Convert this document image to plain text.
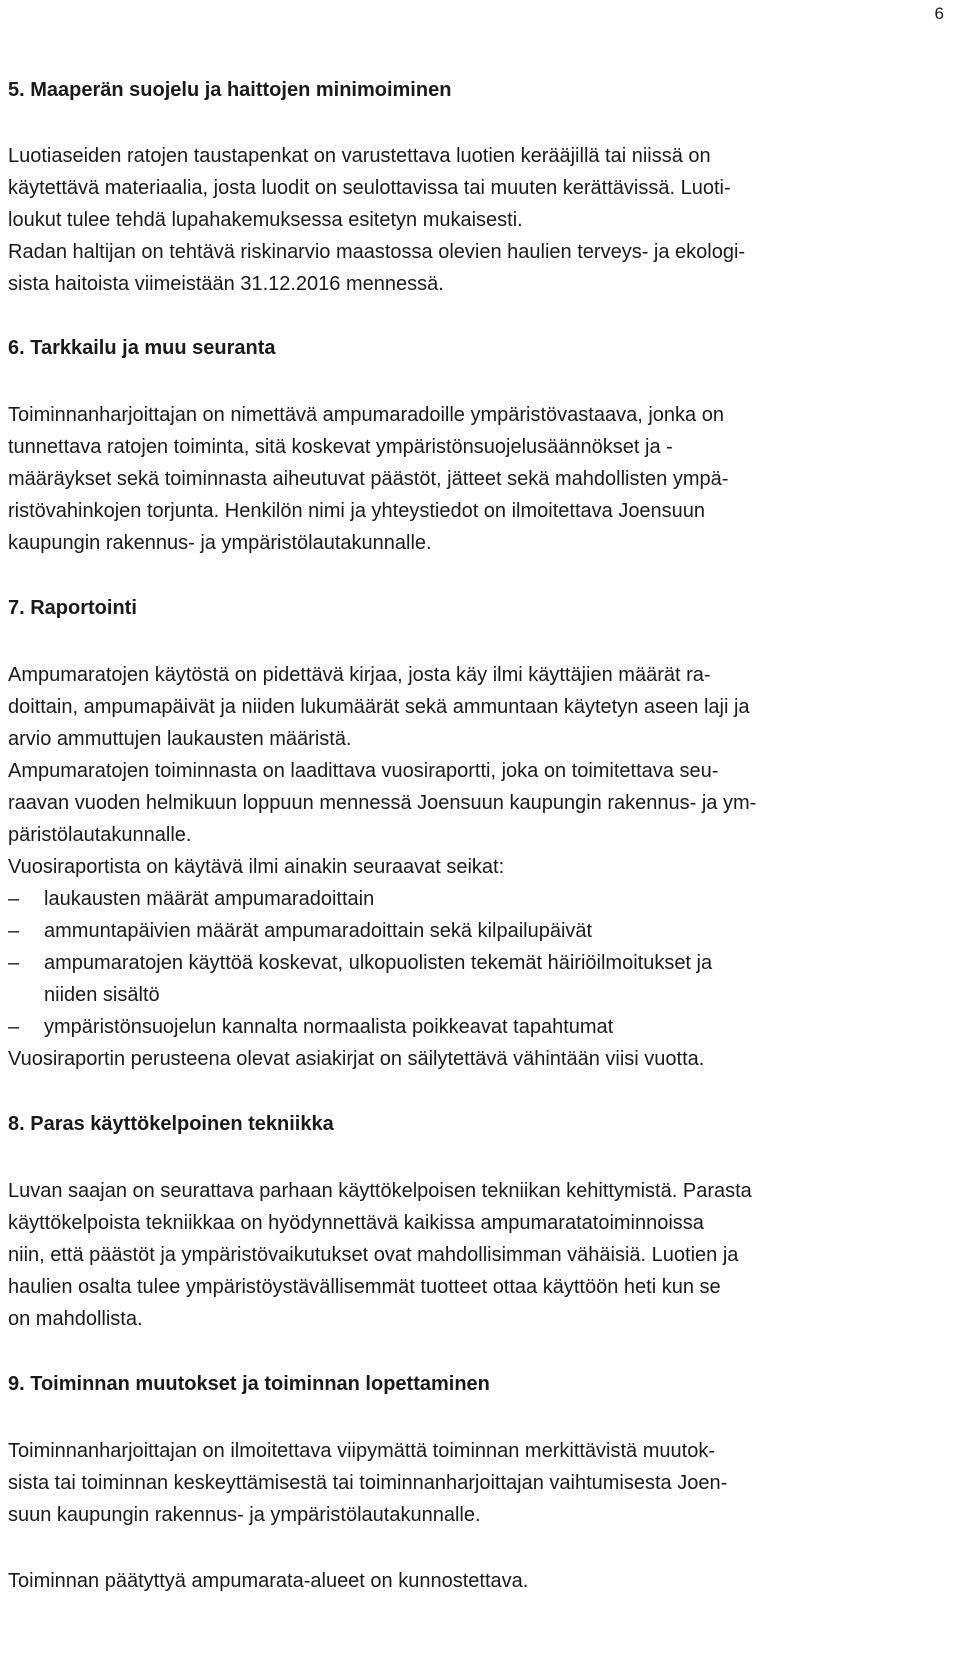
6
5. Maaperän suojelu ja haittojen minimoiminen

Luotiaseiden ratojen taustapenkat on varustettava luotien kerääjillä tai niissä on
käytettävä materiaalia, josta luodit on seulottavissa tai muuten kerättävissä. Luoti-
loukut tulee tehdä lupahakemuksessa esitetyn mukaisesti.
Radan haltijan on tehtävä riskinarvio maastossa olevien haulien terveys- ja ekologi-
sista haitoista viimeistään 31.12.2016 mennessä.

6. Tarkkailu ja muu seuranta

Toiminnanharjoittajan on nimettävä ampumaradoille ympäristövastaava, jonka on
tunnettava ratojen toiminta, sitä koskevat ympäristönsuojelusäännökset ja -
määräykset sekä toiminnasta aiheutuvat päästöt, jätteet sekä mahdollisten ympä-
ristövahinkojen torjunta. Henkilön nimi ja yhteystiedot on ilmoitettava Joensuun
kaupungin rakennus- ja ympäristölautakunnalle.

7. Raportointi

Ampumaratojen käytöstä on pidettävä kirjaa, josta käy ilmi käyttäjien määrät ra-
doittain, ampumapäivät ja niiden lukumäärät sekä ammuntaan käytetyn aseen laji ja
arvio ammuttujen laukausten määristä.

Ampumaratojen toiminnasta on laadittava vuosiraportti, joka on toimitettava seu-
raavan vuoden helmikuun loppuun mennessä Joensuun kaupungin rakennus- ja ym-
päristölautakunnalle.

Vuosiraportista on käytävä ilmi ainakin seuraavat seikat:

– laukausten määrät ampumaradoittain
– ammuntapäivien määrät ampumaradoittain sekä kilpailupäivät
– ampumaratojen käyttöä koskevat, ulkopuolisten tekemät häiriöilmoitukset ja
niiden sisältö
– ympäristönsuojelun kannalta normaalista poikkeavat tapahtumat

Vuosiraportin perusteena olevat asiakirjat on säilytettävä vähintään viisi vuotta.

8. Paras käyttökelpoinen tekniikka

Luvan saajan on seurattava parhaan käyttökelpoisen tekniikan kehittymistä. Parasta
käyttökelpoista tekniikkaa on hyödynnettävä kaikissa ampumaratatoiminnoissa
niin, että päästöt ja ympäristövaikutukset ovat mahdollisimman vähäisiä. Luotien ja
haulien osalta tulee ympäristöystävällisemmät tuotteet ottaa käyttöön heti kun se
on mahdollista.

9. Toiminnan muutokset ja toiminnan lopettaminen

Toiminnanharjoittajan on ilmoitettava viipymättä toiminnan merkittävistä muutok-
sista tai toiminnan keskeyttämisestä tai toiminnanharjoittajan vaihtumisesta Joen-
suun kaupungin rakennus- ja ympäristölautakunnalle.

Toiminnan päätyttyä ampumarata-alueet on kunnostettava.
